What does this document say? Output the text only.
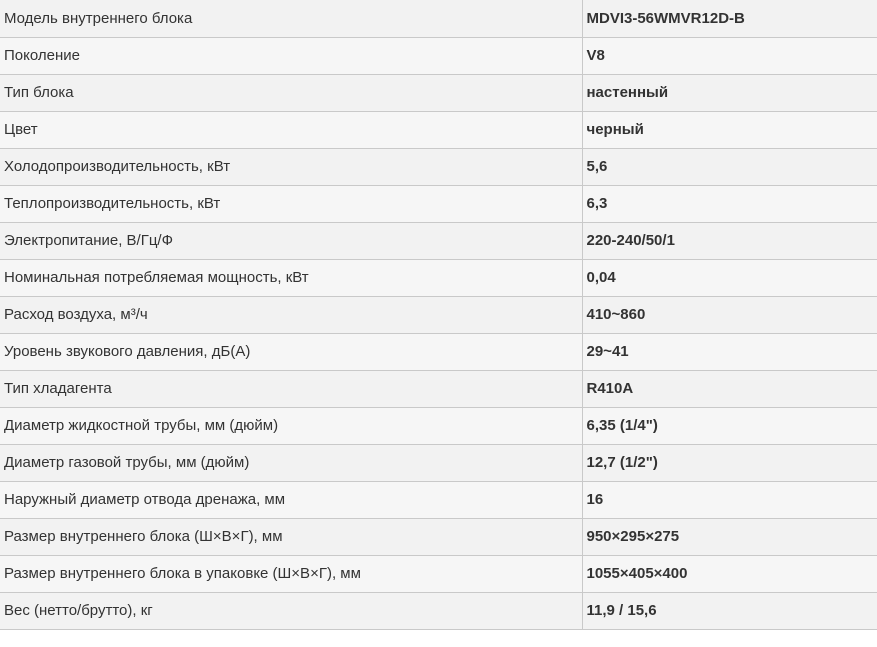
Модель внутреннего блока	MDVI3-56WMVR12D-B
Поколение	V8
Тип блока	настенный
Цвет	черный
Холодопроизводительность, кВт	5,6
Теплопроизводительность, кВт	6,3
Электропитание, В/Гц/Ф	220-240/50/1
Номинальная потребляемая мощность, кВт	0,04
Расход воздуха, м³/ч	410~860
Уровень звукового давления, дБ(А)	29~41
Тип хладагента	R410A
Диаметр жидкостной трубы, мм (дюйм)	6,35 (1/4")
Диаметр газовой трубы, мм (дюйм)	12,7 (1/2")
Наружный диаметр отвода дренажа, мм	16
Размер внутреннего блока (Ш×В×Г), мм	950×295×275
Размер внутреннего блока в упаковке (Ш×В×Г), мм	1055×405×400
Вес (нетто/брутто), кг	11,9 / 15,6
